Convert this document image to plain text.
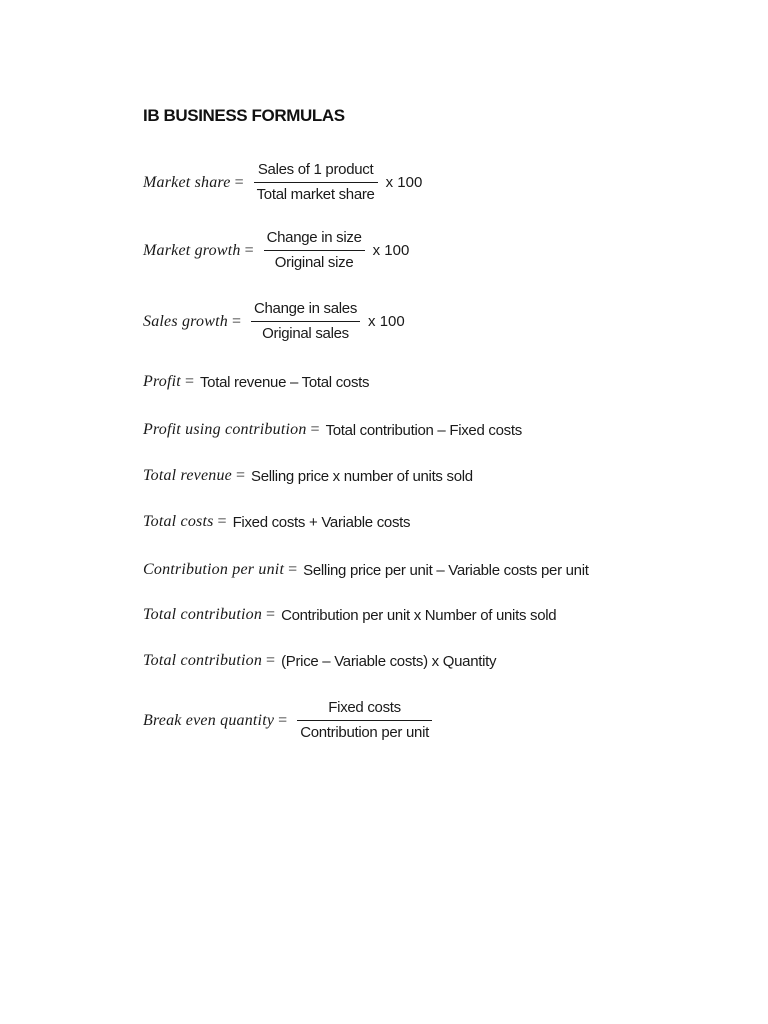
IB BUSINESS FORMULAS
Market share = $\frac{\text{Sales of 1 product}}{\text{Total market share}}$ x 100
Market growth = $\frac{\text{Change in size}}{\text{Original size}}$ x 100
Sales growth = $\frac{\text{Change in sales}}{\text{Original sales}}$ x 100
Profit = Total revenue – Total costs
Profit using contribution = Total contribution – Fixed costs
Total revenue = Selling price x number of units sold
Total costs = Fixed costs + Variable costs
Contribution per unit = Selling price per unit – Variable costs per unit
Total contribution = Contribution per unit x Number of units sold
Total contribution = (Price – Variable costs) x Quantity
Break even quantity = $\frac{\text{Fixed costs}}{\text{Contribution per unit}}$
